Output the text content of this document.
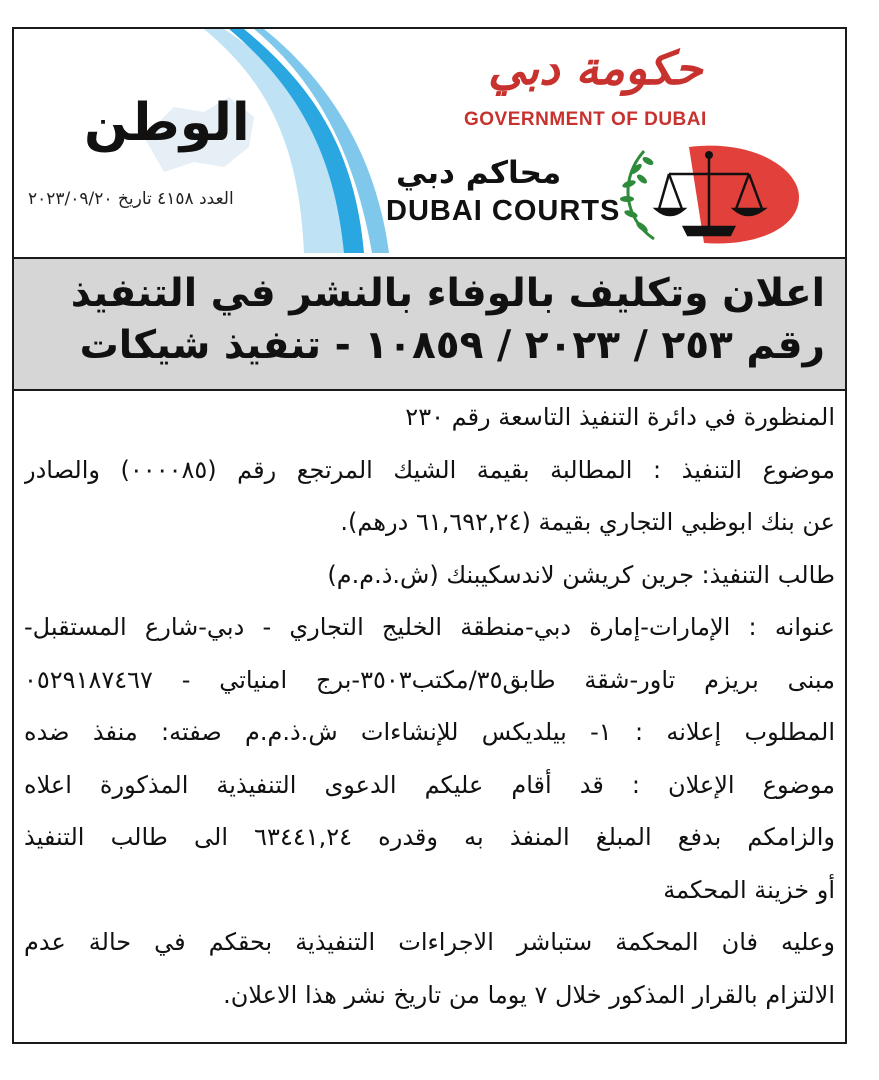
الوطن
العدد ٤١٥٨ تاريخ ٢٠٢٣/٠٩/٢٠
حكومة دبي
GOVERNMENT OF DUBAI
محاكم دبي
DUBAI COURTS
اعلان وتكليف بالوفاء بالنشر في التنفيذ
رقم ٢٥٣ / ٢٠٢٣ / ١٠٨٥٩ - تنفيذ شيكات
المنظورة في دائرة التنفيذ التاسعة رقم ٢٣٠
موضوع التنفيذ : المطالبة بقيمة الشيك المرتجع رقم (٠٠٠٠٨٥) والصادر
عن بنك ابوظبي التجاري بقيمة (٦١,٦٩٢,٢٤ درهم).
طالب التنفيذ: جرين كريشن لاندسكيبنك (ش.ذ.م.م)
عنوانه : الإمارات-إمارة دبي-منطقة الخليج التجاري - دبي-شارع المستقبل-
مبنى بريزم تاور-شقة طابق٣٥/مكتب٣٥٠٣-برج امنياتي - ٠٥٢٩١٨٧٤٦٧
المطلوب إعلانه : ١- بيلديكس للإنشاءات ش.ذ.م.م صفته: منفذ ضده
موضوع الإعلان : قد أقام عليكم الدعوى التنفيذية المذكورة اعلاه
والزامكم بدفع المبلغ المنفذ به وقدره ٦٣٤٤١,٢٤ الى طالب التنفيذ
أو خزينة المحكمة
وعليه فان المحكمة ستباشر الاجراءات التنفيذية بحقكم في حالة عدم
الالتزام بالقرار المذكور خلال ٧ يوما من تاريخ نشر هذا الاعلان.
